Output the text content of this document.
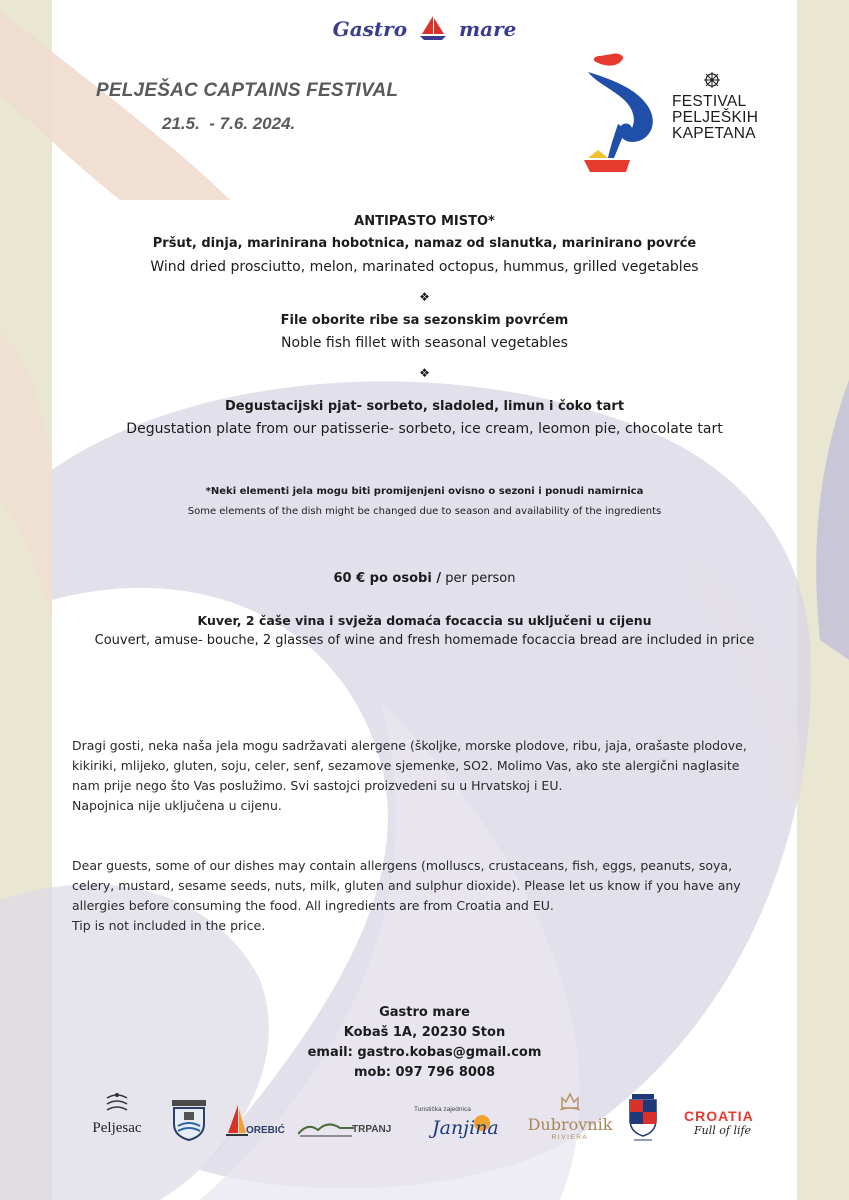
Gastro	mare
PELJEŠAC CAPTAINS FESTIVAL
21.5.  - 7.6. 2024.
FESTIVAL
PELJEŠKIH
KAPETANA
ANTIPASTO MISTO*
Pršut, dinja, marinirana hobotnica, namaz od slanutka, marinirano povrće
Wind dried prosciutto, melon, marinated octopus, hummus, grilled vegetables
❖
File oborite ribe sa sezonskim povrćem
Noble fish fillet with seasonal vegetables
❖
Degustacijski pjat- sorbeto, sladoled, limun i čoko tart
Degustation plate from our patisserie- sorbeto, ice cream, leomon pie, chocolate tart
*Neki elementi jela mogu biti promijenjeni ovisno o sezoni i ponudi namirnica
Some elements of the dish might be changed due to season and availability of the ingredients
60 € po osobi / per person
Kuver, 2 čaše vina i svježa domaća focaccia su uključeni u cijenu
Couvert, amuse- bouche, 2 glasses of wine and fresh homemade focaccia bread are included in price
Dragi gosti, neka naša jela mogu sadržavati alergene (školjke, morske plodove, ribu, jaja, orašaste plodove,
kikiriki, mlijeko, gluten, soju, celer, senf, sezamove sjemenke, SO2. Molimo Vas, ako ste alergični naglasite
nam prije nego što Vas poslužimo. Svi sastojci proizvedeni su u Hrvatskoj i EU.
Napojnica nije uključena u cijenu.
Dear guests, some of our dishes may contain allergens (molluscs, crustaceans, fish, eggs, peanuts, soya,
celery, mustard, sesame seeds, nuts, milk, gluten and sulphur dioxide). Please let us know if you have any
allergies before consuming the food. All ingredients are from Croatia and EU.
Tip is not included in the price.
Gastro mare
Kobaš 1A, 20230 Ston
email: gastro.kobas@gmail.com
mob: 097 796 8008
Peljesac	OREBIĆ	TRPANJ
Turistička zajednica
Janjina	Dubrovnik
RIVIERA
CROATIA
Full of life
